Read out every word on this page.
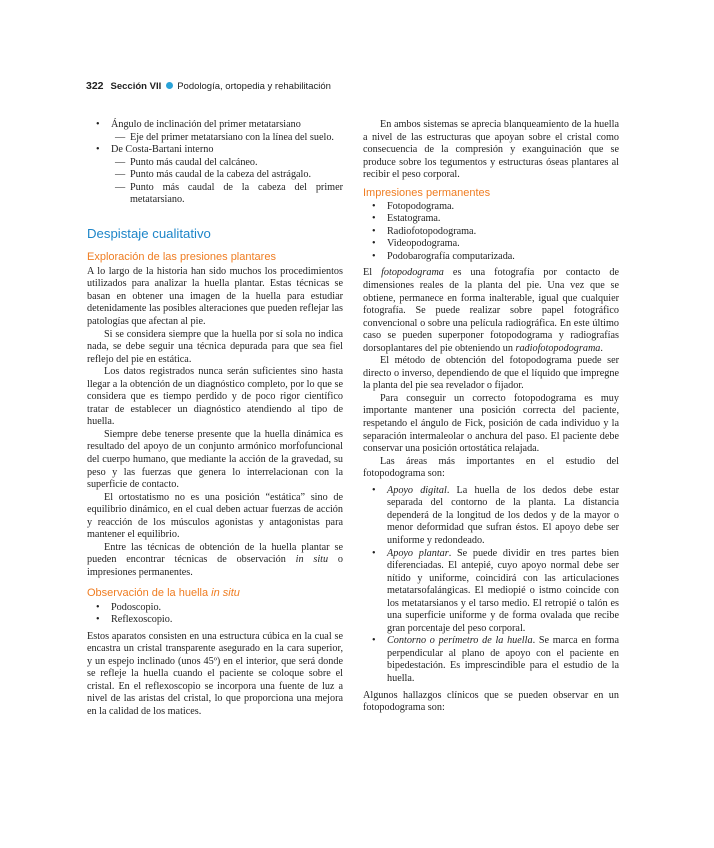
322 Sección VII Podología, ortopedia y rehabilitación
• Ángulo de inclinación del primer metatarsiano
— Eje del primer metatarsiano con la línea del suelo.
• De Costa-Bartani interno
— Punto más caudal del calcáneo.
— Punto más caudal de la cabeza del astrágalo.
— Punto más caudal de la cabeza del primer metatarsiano.
Despistaje cualitativo
Exploración de las presiones plantares

A lo largo de la historia han sido muchos los procedimientos utilizados para analizar la huella plantar. Estas técnicas se basan en obtener una imagen de la huella para estudiar detenidamente las posibles alteraciones que pueden reflejar las patologías que afectan al pie.

Si se considera siempre que la huella por sí sola no indica nada, se debe seguir una técnica depurada para que sea fiel reflejo del pie en estática.

Los datos registrados nunca serán suficientes sino hasta llegar a la obtención de un diagnóstico completo, por lo que se considera que es tiempo perdido y de poco rigor científico tratar de establecer un diagnóstico atendiendo al tipo de huella.

Siempre debe tenerse presente que la huella dinámica es resultado del apoyo de un conjunto armónico morfofuncional del cuerpo humano, que mediante la acción de la gravedad, su peso y las fuerzas que genera lo interrelacionan con la superficie de contacto.

El ortostatismo no es una posición “estática” sino de equilibrio dinámico, en el cual deben actuar fuerzas de acción y reacción de los músculos agonistas y antagonistas para mantener el equilibrio.

Entre las técnicas de obtención de la huella plantar se pueden encontrar técnicas de observación in situ o impresiones permanentes.

Observación de la huella in situ
• Podoscopio.
• Reflexoscopio.

Estos aparatos consisten en una estructura cúbica en la cual se encastra un cristal transparente asegurado en la cara superior, y un espejo inclinado (unos 45º) en el interior, que será donde se refleje la huella cuando el paciente se coloque sobre el cristal. En el reflexoscopio se incorpora una fuente de luz a nivel de las aristas del cristal, lo que proporciona una mejora en la calidad de los matices.

En ambos sistemas se aprecia blanqueamiento de la huella a nivel de las estructuras que apoyan sobre el cristal como consecuencia de la compresión y exanguinación que se produce sobre los tegumentos y estructuras óseas plantares al recibir el peso corporal.

Impresiones permanentes
• Fotopodograma.
• Estatograma.
• Radiofotopodograma.
• Videopodograma.
• Podobarografía computarizada.

El fotopodograma es una fotografía por contacto de dimensiones reales de la planta del pie. Una vez que se obtiene, permanece en forma inalterable, igual que cualquier fotografía. Se puede realizar sobre papel fotográfico convencional o sobre una película radiográfica. En este último caso se pueden superponer fotopodograma y radiografías dorsoplantares del pie obteniendo un radiofotopodograma.

El método de obtención del fotopodograma puede ser directo o inverso, dependiendo de que el líquido que impregne la planta del pie sea revelador o fijador.

Para conseguir un correcto fotopodograma es muy importante mantener una posición correcta del paciente, respetando el ángulo de Fick, posición de cada individuo y la separación intermaleolar o anchura del paso. El paciente debe conservar una posición ortostática relajada.

Las áreas más importantes en el estudio del fotopodograma son:

• Apoyo digital. La huella de los dedos debe estar separada del contorno de la planta. La distancia dependerá de la longitud de los dedos y de la mayor o menor deformidad que sufran éstos. El apoyo debe ser uniforme y redondeado.
• Apoyo plantar. Se puede dividir en tres partes bien diferenciadas. El antepié, cuyo apoyo normal debe ser nítido y uniforme, coincidirá con las articulaciones metatarsofalángicas. El mediopié o istmo coincide con los metatarsianos y el tarso medio. El retropié o talón es una superficie uniforme y de forma ovalada que recibe gran porcentaje del peso corporal.
• Contorno o perímetro de la huella. Se marca en forma perpendicular al plano de apoyo con el paciente en bipedestación. Es imprescindible para el estudio de la huella.

Algunos hallazgos clínicos que se pueden observar en un fotopodograma son:
